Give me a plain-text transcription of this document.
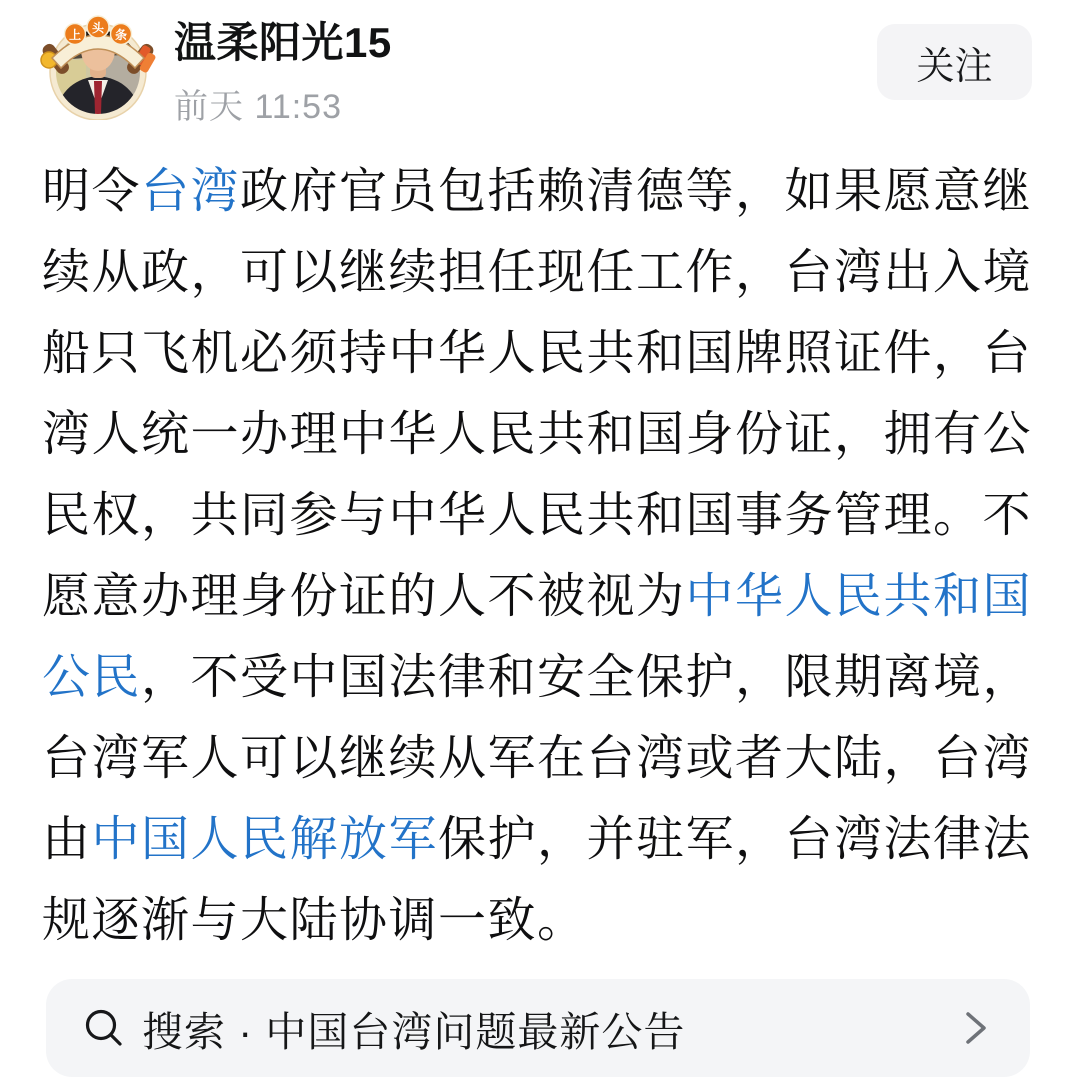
上 头 条 温柔阳光15
前天 11:53
关注
明令台湾政府官员包括赖清德等，如果愿意继
续从政，可以继续担任现任工作，台湾出入境
船只飞机必须持中华人民共和国牌照证件，台
湾人统一办理中华人民共和国身份证，拥有公
民权，共同参与中华人民共和国事务管理。不
愿意办理身份证的人不被视为中华人民共和国
公民，不受中国法律和安全保护，限期离境，
台湾军人可以继续从军在台湾或者大陆，台湾
由中国人民解放军保护，并驻军，台湾法律法
规逐渐与大陆协调一致。
搜索 · 中国台湾问题最新公告
